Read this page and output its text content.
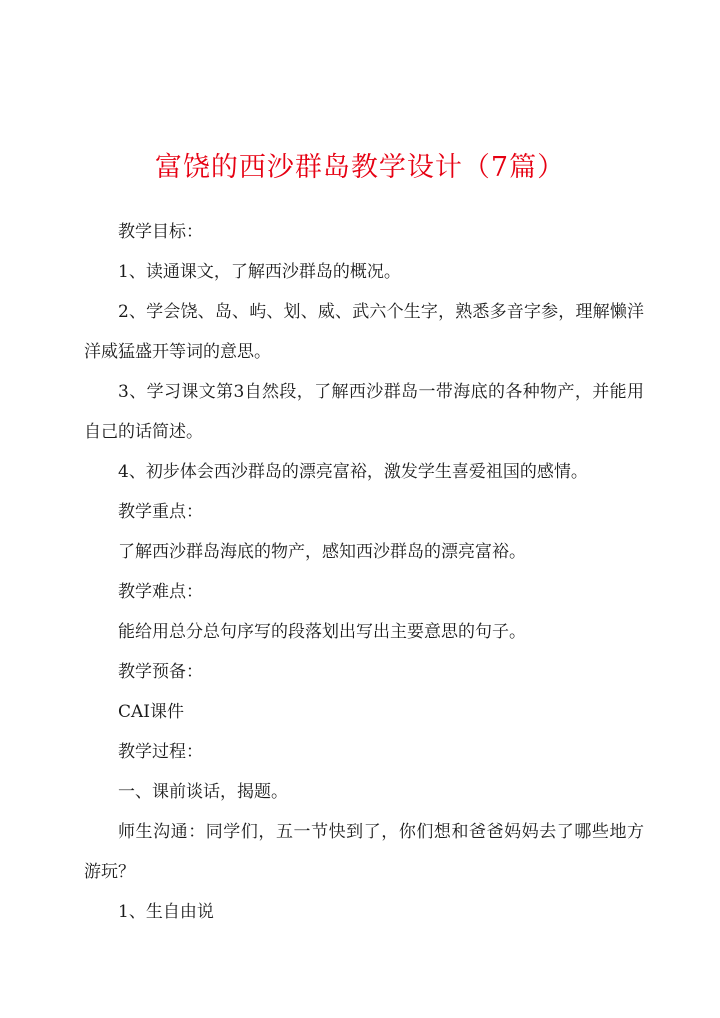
富饶的西沙群岛教学设计（7篇）

教学目标：

1、读通课文，了解西沙群岛的概况。

2、学会饶、岛、屿、划、威、武六个生字，熟悉多音字参，理解懒洋洋威猛盛开等词的意思。

3、学习课文第3自然段，了解西沙群岛一带海底的各种物产，并能用自己的话简述。

4、初步体会西沙群岛的漂亮富裕，激发学生喜爱祖国的感情。

教学重点：

了解西沙群岛海底的物产，感知西沙群岛的漂亮富裕。

教学难点：

能给用总分总句序写的段落划出写出主要意思的句子。

教学预备：

CAI课件

教学过程：

一、课前谈话，揭题。

师生沟通：同学们，五一节快到了，你们想和爸爸妈妈去了哪些地方游玩？

1、生自由说
